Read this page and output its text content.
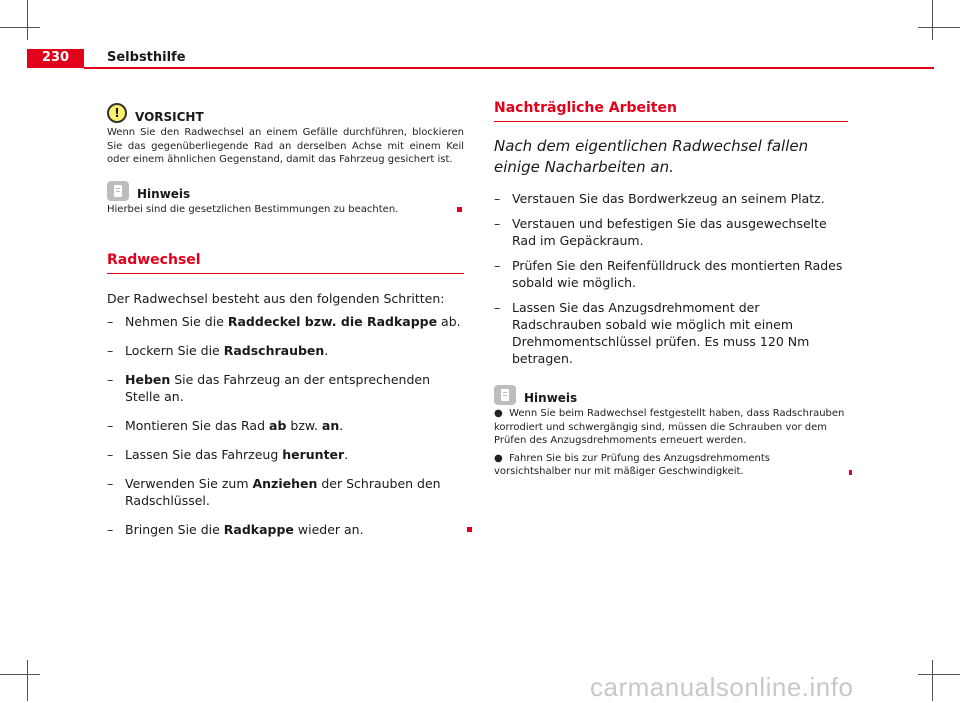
230	Selbsthilfe
!	VORSICHT
Wenn Sie den Radwechsel an einem Gefälle durchführen, blockieren Sie das gegenüberliegende Rad an derselben Achse mit einem Keil oder einem ähnlichen Gegenstand, damit das Fahrzeug gesichert ist.
Hinweis
Hierbei sind die gesetzlichen Bestimmungen zu beachten.
Radwechsel
Der Radwechsel besteht aus den folgenden Schritten:
– Nehmen Sie die Raddeckel bzw. die Radkappe ab.
– Lockern Sie die Radschrauben.
– Heben Sie das Fahrzeug an der entsprechenden Stelle an.
– Montieren Sie das Rad ab bzw. an.
– Lassen Sie das Fahrzeug herunter.
– Verwenden Sie zum Anziehen der Schrauben den Radschlüssel.
– Bringen Sie die Radkappe wieder an.
Nachträgliche Arbeiten
Nach dem eigentlichen Radwechsel fallen einige Nacharbeiten an.
– Verstauen Sie das Bordwerkzeug an seinem Platz.
– Verstauen und befestigen Sie das ausgewechselte Rad im Gepäckraum.
– Prüfen Sie den Reifenfülldruck des montierten Rades sobald wie möglich.
– Lassen Sie das Anzugsdrehmoment der Radschrauben sobald wie möglich mit einem Drehmomentschlüssel prüfen. Es muss 120 Nm betragen.
Hinweis
●  Wenn Sie beim Radwechsel festgestellt haben, dass Radschrauben korrodiert und schwergängig sind, müssen die Schrauben vor dem Prüfen des Anzugsdrehmoments erneuert werden.
●  Fahren Sie bis zur Prüfung des Anzugsdrehmoments vorsichtshalber nur mit mäßiger Geschwindigkeit.
carmanualsonline.info
